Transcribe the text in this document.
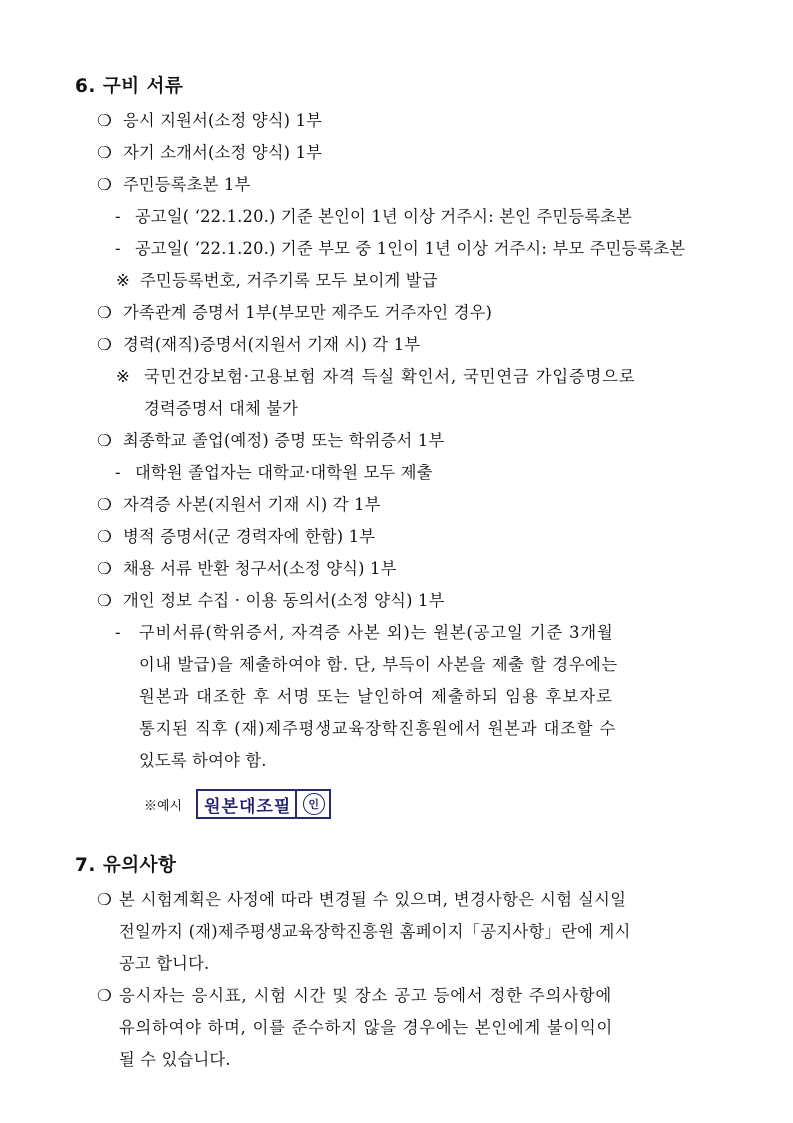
6. 구비 서류
❍ 응시 지원서(소정 양식) 1부
❍ 자기 소개서(소정 양식) 1부
❍ 주민등록초본 1부
- 공고일( ‘22.1.20.) 기준 본인이 1년 이상 거주시: 본인 주민등록초본
- 공고일( ‘22.1.20.) 기준 부모 중 1인이 1년 이상 거주시: 부모 주민등록초본
※ 주민등록번호, 거주기록 모두 보이게 발급
❍ 가족관계 증명서 1부(부모만 제주도 거주자인 경우)
❍ 경력(재직)증명서(지원서 기재 시) 각 1부
※ 국민건강보험·고용보험 자격 득실 확인서, 국민연금 가입증명으로
경력증명서 대체 불가
❍ 최종학교 졸업(예정) 증명 또는 학위증서 1부
- 대학원 졸업자는 대학교·대학원 모두 제출
❍ 자격증 사본(지원서 기재 시) 각 1부
❍ 병적 증명서(군 경력자에 한함) 1부
❍ 채용 서류 반환 청구서(소정 양식) 1부
❍ 개인 정보 수집 · 이용 동의서(소정 양식) 1부
- 구비서류(학위증서, 자격증 사본 외)는 원본(공고일 기준 3개월
이내 발급)을 제출하여야 함. 단, 부득이 사본을 제출 할 경우에는
원본과 대조한 후 서명 또는 날인하여 제출하되 임용 후보자로
통지된 직후 (재)제주평생교육장학진흥원에서 원본과 대조할 수
있도록 하여야 함.
※예시 원본대조필	인
7. 유의사항
❍ 본 시험계획은 사정에 따라 변경될 수 있으며, 변경사항은 시험 실시일
전일까지 (재)제주평생교육장학진흥원 홈페이지「공지사항」란에 게시
공고 합니다.
❍ 응시자는 응시표, 시험 시간 및 장소 공고 등에서 정한 주의사항에
유의하여야 하며, 이를 준수하지 않을 경우에는 본인에게 불이익이
될 수 있습니다.
